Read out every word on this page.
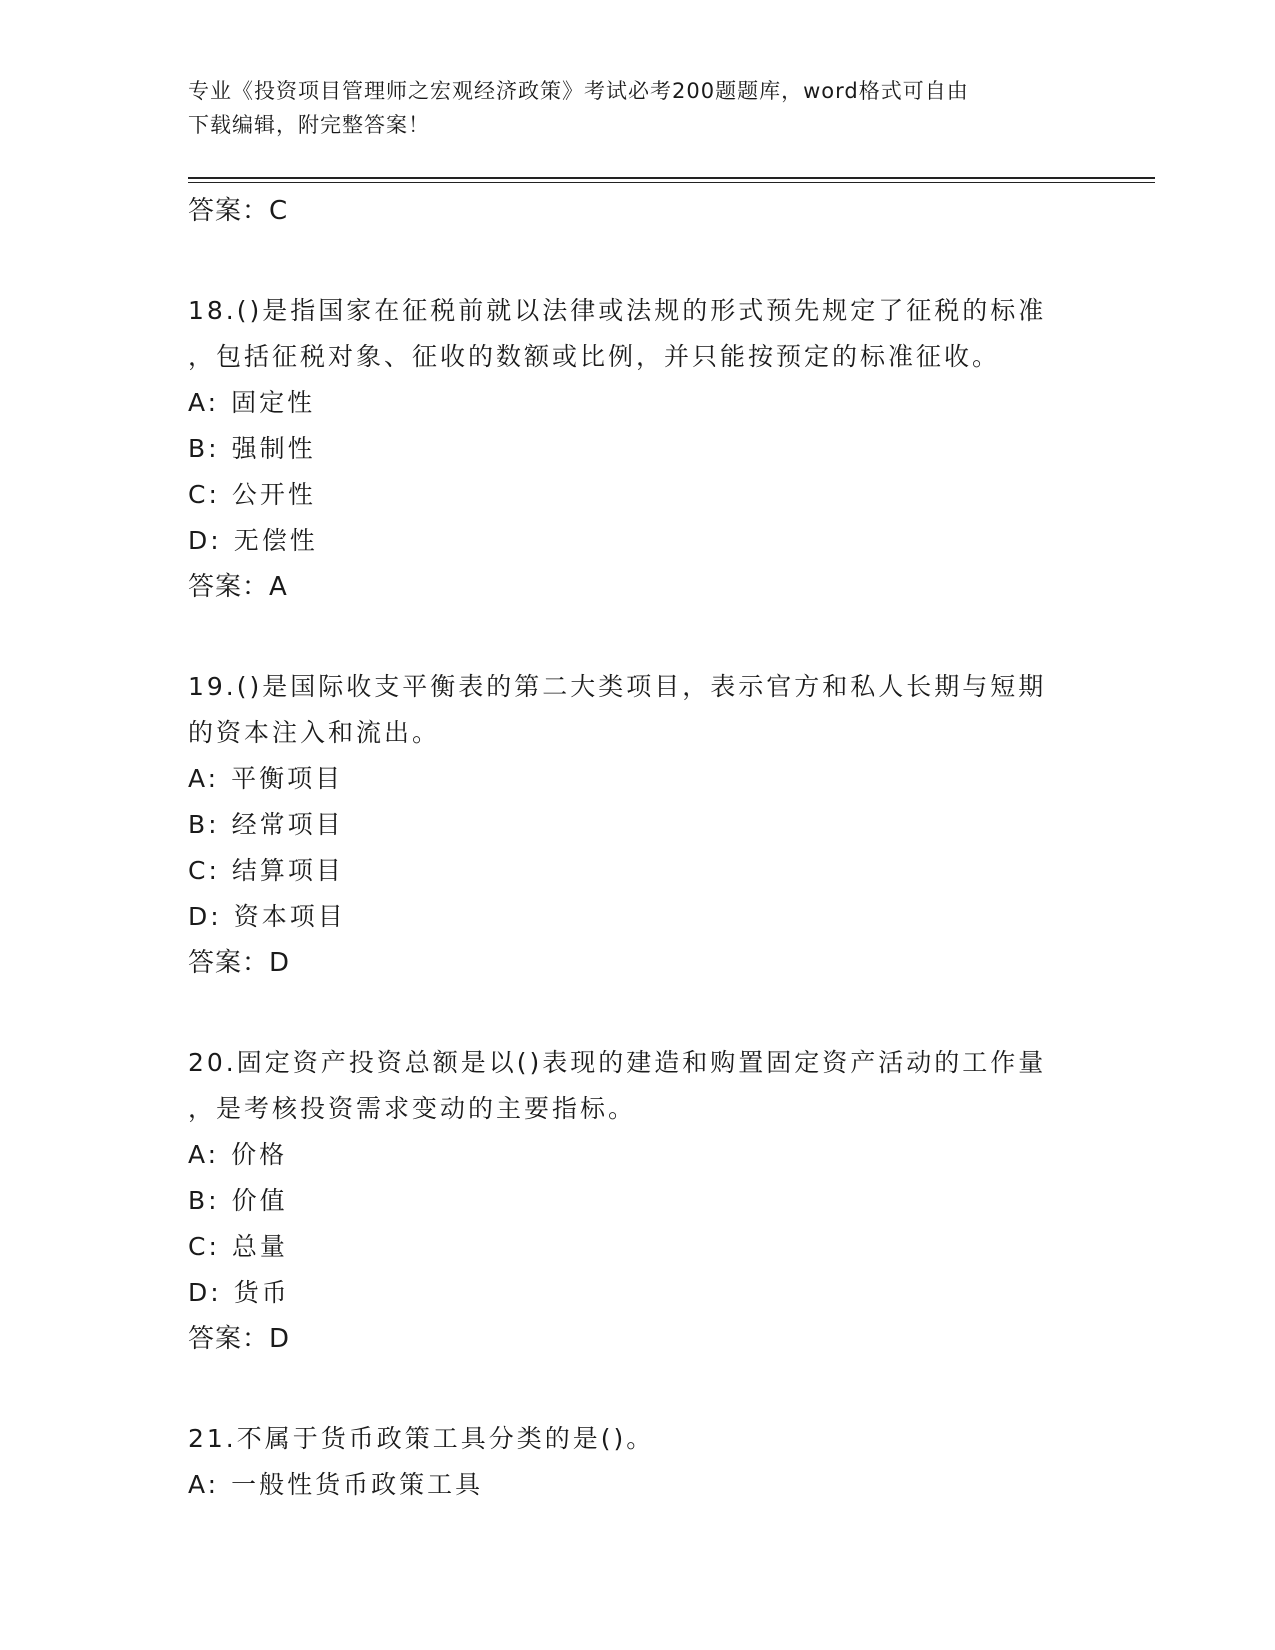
专业《投资项目管理师之宏观经济政策》考试必考200题题库，word格式可自由
下载编辑，附完整答案！

答案：C

18.()是指国家在征税前就以法律或法规的形式预先规定了征税的标准

，包括征税对象、征收的数额或比例，并只能按预定的标准征收。

A: 固定性

B: 强制性

C: 公开性

D: 无偿性

答案：A

19.()是国际收支平衡表的第二大类项目，表示官方和私人长期与短期

的资本注入和流出。

A: 平衡项目

B: 经常项目

C: 结算项目

D: 资本项目

答案：D

20.固定资产投资总额是以()表现的建造和购置固定资产活动的工作量

，是考核投资需求变动的主要指标。

A: 价格

B: 价值

C: 总量

D: 货币

答案：D

21.不属于货币政策工具分类的是()。

A: 一般性货币政策工具
